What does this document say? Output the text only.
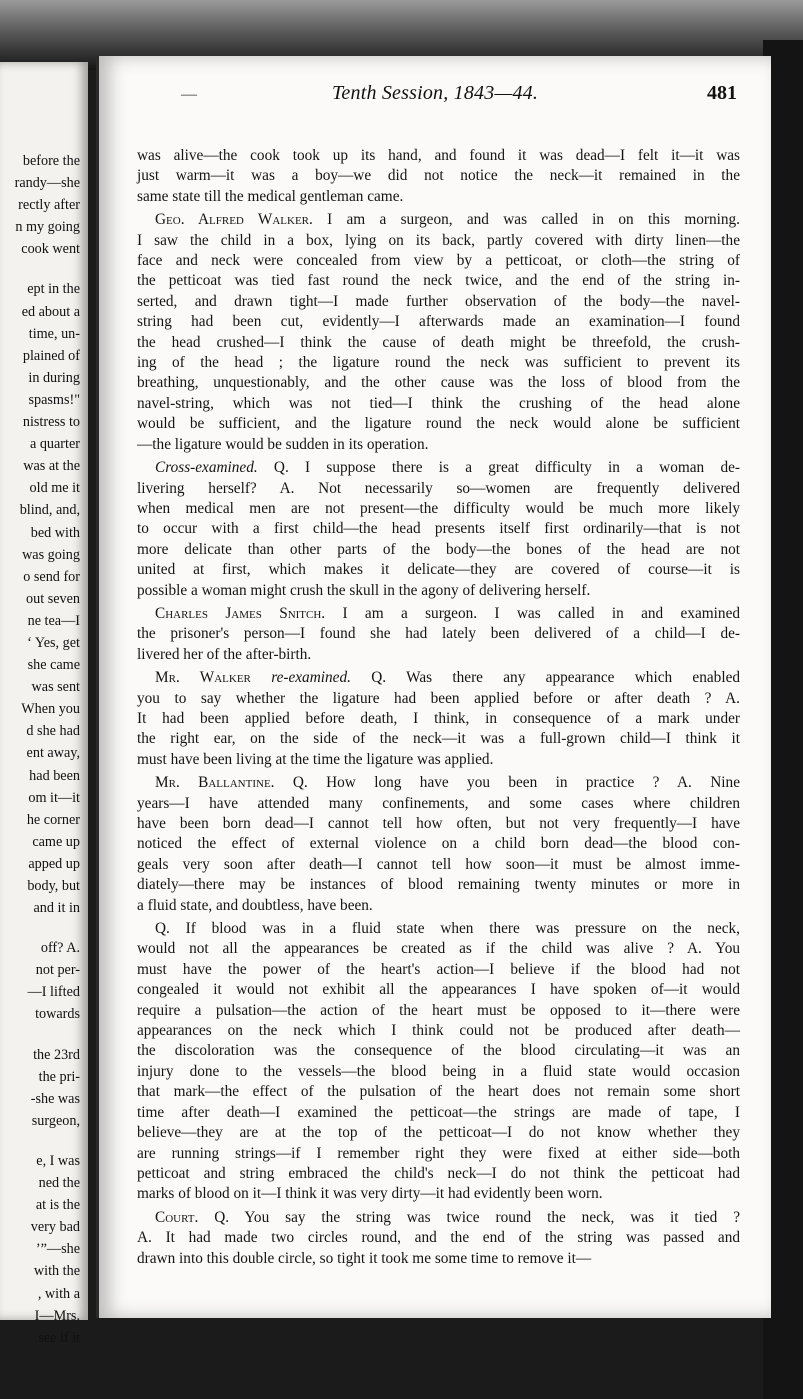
before the
randy—she
rectly after
n my going
cook went
ept in the
ed about a
time, un-
plained of
in during
spasms!"
nistress to
a quarter
was at the
old me it
blind, and,
bed with
was going
o send for
out seven
ne tea—I
‘ Yes, get
she came
was sent
When you
d she had
ent away,
had been
om it—it
he corner
came up
apped up
body, but
and it in
off? A.
not per-
—I lifted
towards
the 23rd
the pri-
-she was
surgeon,
e, I was
ned the
at is the
very bad
’”—she
with the
, with a
I—Mrs.
see if it
—	Tenth Session, 1843—44.	481
was alive—the cook took up its hand, and found it was dead—I felt it—it was
just warm—it was a boy—we did not notice the neck—it remained in the
same state till the medical gentleman came.
Geo. Alfred Walker. I am a surgeon, and was called in on this morning.
I saw the child in a box, lying on its back, partly covered with dirty linen—the
face and neck were concealed from view by a petticoat, or cloth—the string of
the petticoat was tied fast round the neck twice, and the end of the string in-
serted, and drawn tight—I made further observation of the body—the navel-
string had been cut, evidently—I afterwards made an examination—I found
the head crushed—I think the cause of death might be threefold, the crush-
ing of the head ; the ligature round the neck was sufficient to prevent its
breathing, unquestionably, and the other cause was the loss of blood from the
navel-string, which was not tied—I think the crushing of the head alone
would be sufficient, and the ligature round the neck would alone be sufficient
—the ligature would be sudden in its operation.
Cross-examined. Q. I suppose there is a great difficulty in a woman de-
livering herself? A. Not necessarily so—women are frequently delivered
when medical men are not present—the difficulty would be much more likely
to occur with a first child—the head presents itself first ordinarily—that is not
more delicate than other parts of the body—the bones of the head are not
united at first, which makes it delicate—they are covered of course—it is
possible a woman might crush the skull in the agony of delivering herself.
Charles James Snitch. I am a surgeon. I was called in and examined
the prisoner's person—I found she had lately been delivered of a child—I de-
livered her of the after-birth.
Mr. Walker re-examined. Q. Was there any appearance which enabled
you to say whether the ligature had been applied before or after death ? A.
It had been applied before death, I think, in consequence of a mark under
the right ear, on the side of the neck—it was a full-grown child—I think it
must have been living at the time the ligature was applied.
Mr. Ballantine. Q. How long have you been in practice ? A. Nine
years—I have attended many confinements, and some cases where children
have been born dead—I cannot tell how often, but not very frequently—I have
noticed the effect of external violence on a child born dead—the blood con-
geals very soon after death—I cannot tell how soon—it must be almost imme-
diately—there may be instances of blood remaining twenty minutes or more in
a fluid state, and doubtless, have been.
Q. If blood was in a fluid state when there was pressure on the neck,
would not all the appearances be created as if the child was alive ? A. You
must have the power of the heart's action—I believe if the blood had not
congealed it would not exhibit all the appearances I have spoken of—it would
require a pulsation—the action of the heart must be opposed to it—there were
appearances on the neck which I think could not be produced after death—
the discoloration was the consequence of the blood circulating—it was an
injury done to the vessels—the blood being in a fluid state would occasion
that mark—the effect of the pulsation of the heart does not remain some short
time after death—I examined the petticoat—the strings are made of tape, I
believe—they are at the top of the petticoat—I do not know whether they
are running strings—if I remember right they were fixed at either side—both
petticoat and string embraced the child's neck—I do not think the petticoat had
marks of blood on it—I think it was very dirty—it had evidently been worn.
Court. Q. You say the string was twice round the neck, was it tied ?
A. It had made two circles round, and the end of the string was passed and
drawn into this double circle, so tight it took me some time to remove it—
